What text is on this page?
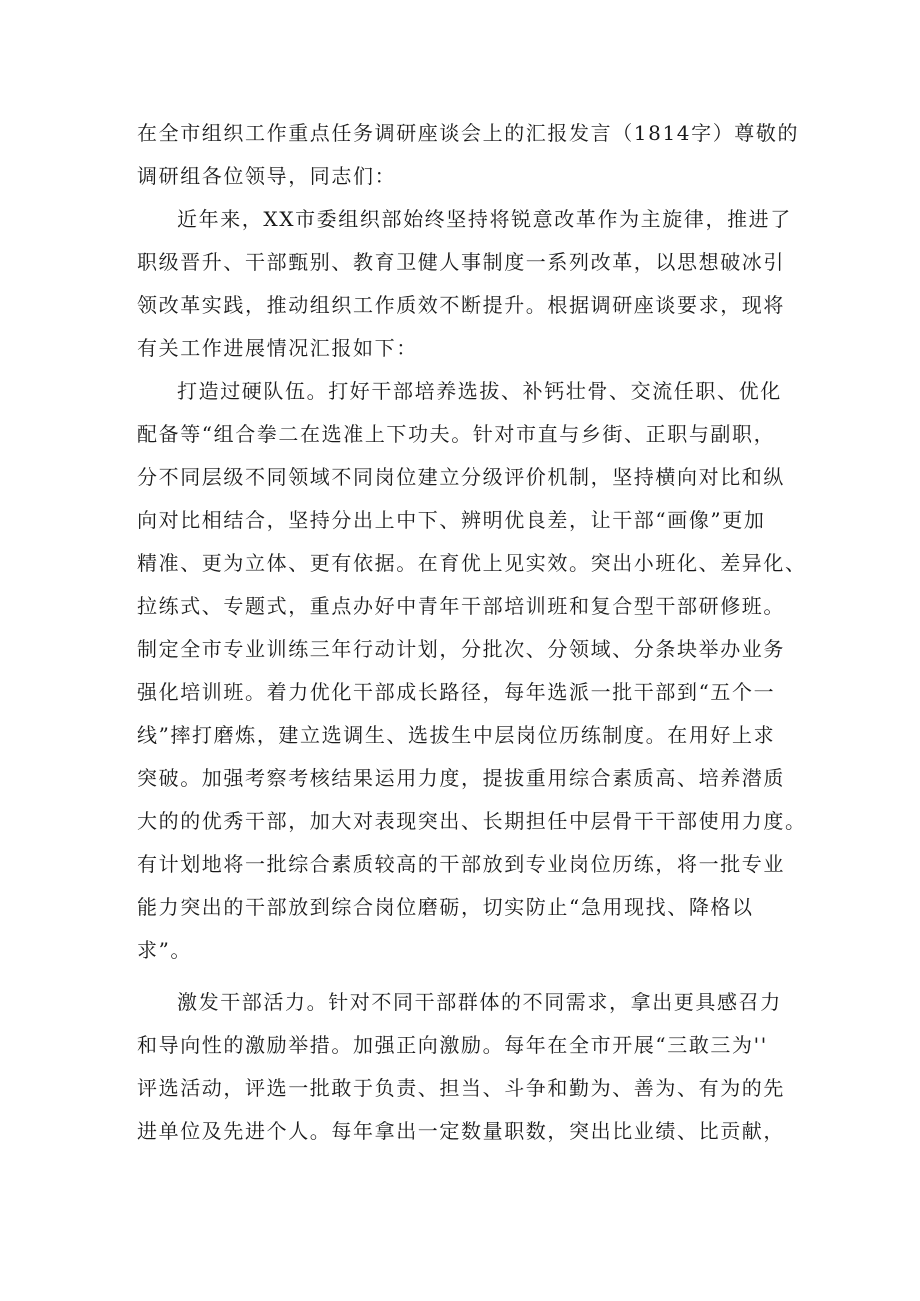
在全市组织工作重点任务调研座谈会上的汇报发言（1814字）尊敬的
调研组各位领导，同志们：
近年来，XX市委组织部始终坚持将锐意改革作为主旋律，推进了
职级晋升、干部甄别、教育卫健人事制度一系列改革，以思想破冰引
领改革实践，推动组织工作质效不断提升。根据调研座谈要求，现将
有关工作进展情况汇报如下：
打造过硬队伍。打好干部培养选拔、补钙壮骨、交流任职、优化
配备等“组合拳二在选准上下功夫。针对市直与乡街、正职与副职，
分不同层级不同领域不同岗位建立分级评价机制，坚持横向对比和纵
向对比相结合，坚持分出上中下、辨明优良差，让干部“画像”更加
精准、更为立体、更有依据。在育优上见实效。突出小班化、差异化、
拉练式、专题式，重点办好中青年干部培训班和复合型干部研修班。
制定全市专业训练三年行动计划，分批次、分领域、分条块举办业务
强化培训班。着力优化干部成长路径，每年选派一批干部到“五个一
线”摔打磨炼，建立选调生、选拔生中层岗位历练制度。在用好上求
突破。加强考察考核结果运用力度，提拔重用综合素质高、培养潜质
大的的优秀干部，加大对表现突出、长期担任中层骨干干部使用力度。
有计划地将一批综合素质较高的干部放到专业岗位历练，将一批专业
能力突出的干部放到综合岗位磨砺，切实防止“急用现找、降格以
求”。
激发干部活力。针对不同干部群体的不同需求，拿出更具感召力
和导向性的激励举措。加强正向激励。每年在全市开展“三敢三为''
评选活动，评选一批敢于负责、担当、斗争和勤为、善为、有为的先
进单位及先进个人。每年拿出一定数量职数，突出比业绩、比贡献，
